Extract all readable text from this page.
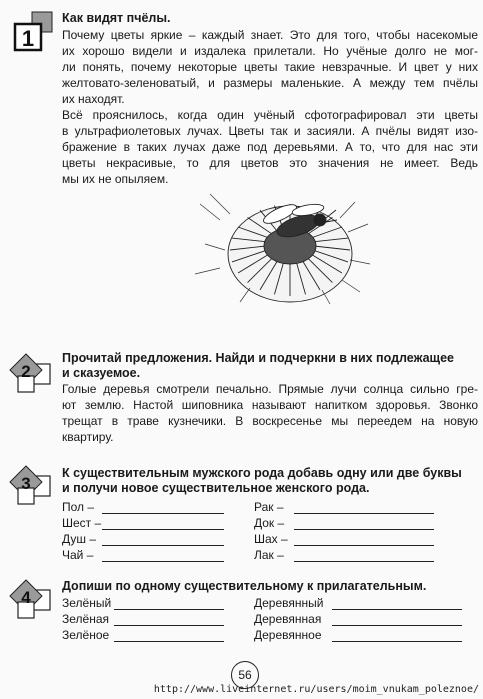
1
Как видят пчёлы.
Почему цветы яркие – каждый знает. Это для того, чтобы насекомые
их хорошо видели и издалека прилетали. Но учёные долго не мог-
ли понять, почему некоторые цветы такие невзрачные. И цвет у них
желтовато-зеленоватый, и размеры маленькие. А между тем пчёлы
их находят.
Всё прояснилось, когда один учёный сфотографировал эти цветы
в ультрафиолетовых лучах. Цветы так и засияли. А пчёлы видят изо-
бражение в таких лучах даже под деревьями. А то, что для нас эти
цветы некрасивые, то для цветов это значения не имеет. Ведь
мы их не опыляем.
2
Прочитай предложения. Найди и подчеркни в них подлежащее
и сказуемое.
Голые деревья смотрели печально. Прямые лучи солнца сильно гре-
ют землю. Настой шиповника называют напитком здоровья. Звонко
трещат в траве кузнечики. В воскресенье мы переедем на новую
квартиру.
3
К существительным мужского рода добавь одну или две буквы
и получи новое существительное женского рода.
Пол –	Рак –
Шест –	Док –
Душ –	Шах –
Чай –	Лак –
4
Допиши по одному существительному к прилагательным.
Зелёный	Деревянный
Зелёная	Деревянная
Зелёное	Деревянное
56
http://www.liveinternet.ru/users/moim_vnukam_poleznoe/
